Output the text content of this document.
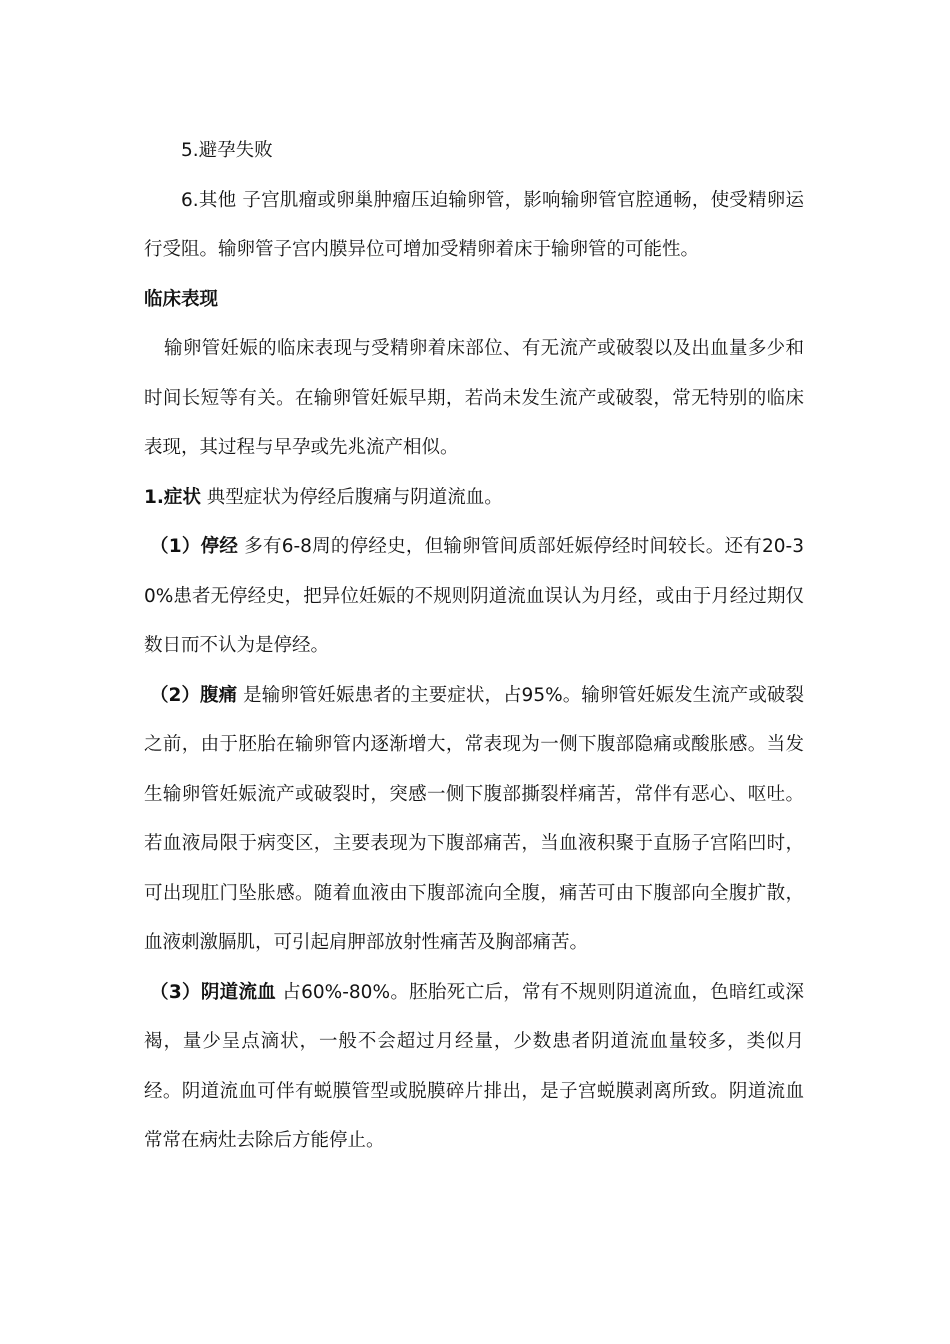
5.避孕失败

6.其他 子宫肌瘤或卵巢肿瘤压迫输卵管，影响输卵管官腔通畅，使受精卵运行受阻。输卵管子宫内膜异位可增加受精卵着床于输卵管的可能性。

临床表现

输卵管妊娠的临床表现与受精卵着床部位、有无流产或破裂以及出血量多少和时间长短等有关。在输卵管妊娠早期，若尚未发生流产或破裂，常无特别的临床表现，其过程与早孕或先兆流产相似。

1.症状 典型症状为停经后腹痛与阴道流血。

（1）停经 多有6-8周的停经史，但输卵管间质部妊娠停经时间较长。还有20-30%患者无停经史，把异位妊娠的不规则阴道流血误认为月经，或由于月经过期仅数日而不认为是停经。

（2）腹痛 是输卵管妊娠患者的主要症状，占95%。输卵管妊娠发生流产或破裂之前，由于胚胎在输卵管内逐渐增大，常表现为一侧下腹部隐痛或酸胀感。当发生输卵管妊娠流产或破裂时，突感一侧下腹部撕裂样痛苦，常伴有恶心、呕吐。若血液局限于病变区，主要表现为下腹部痛苦，当血液积聚于直肠子宫陷凹时，可出现肛门坠胀感。随着血液由下腹部流向全腹，痛苦可由下腹部向全腹扩散，血液刺激膈肌，可引起肩胛部放射性痛苦及胸部痛苦。

（3）阴道流血 占60%-80%。胚胎死亡后，常有不规则阴道流血，色暗红或深褐，量少呈点滴状，一般不会超过月经量，少数患者阴道流血量较多，类似月经。阴道流血可伴有蜕膜管型或脱膜碎片排出，是子宫蜕膜剥离所致。阴道流血常常在病灶去除后方能停止。
